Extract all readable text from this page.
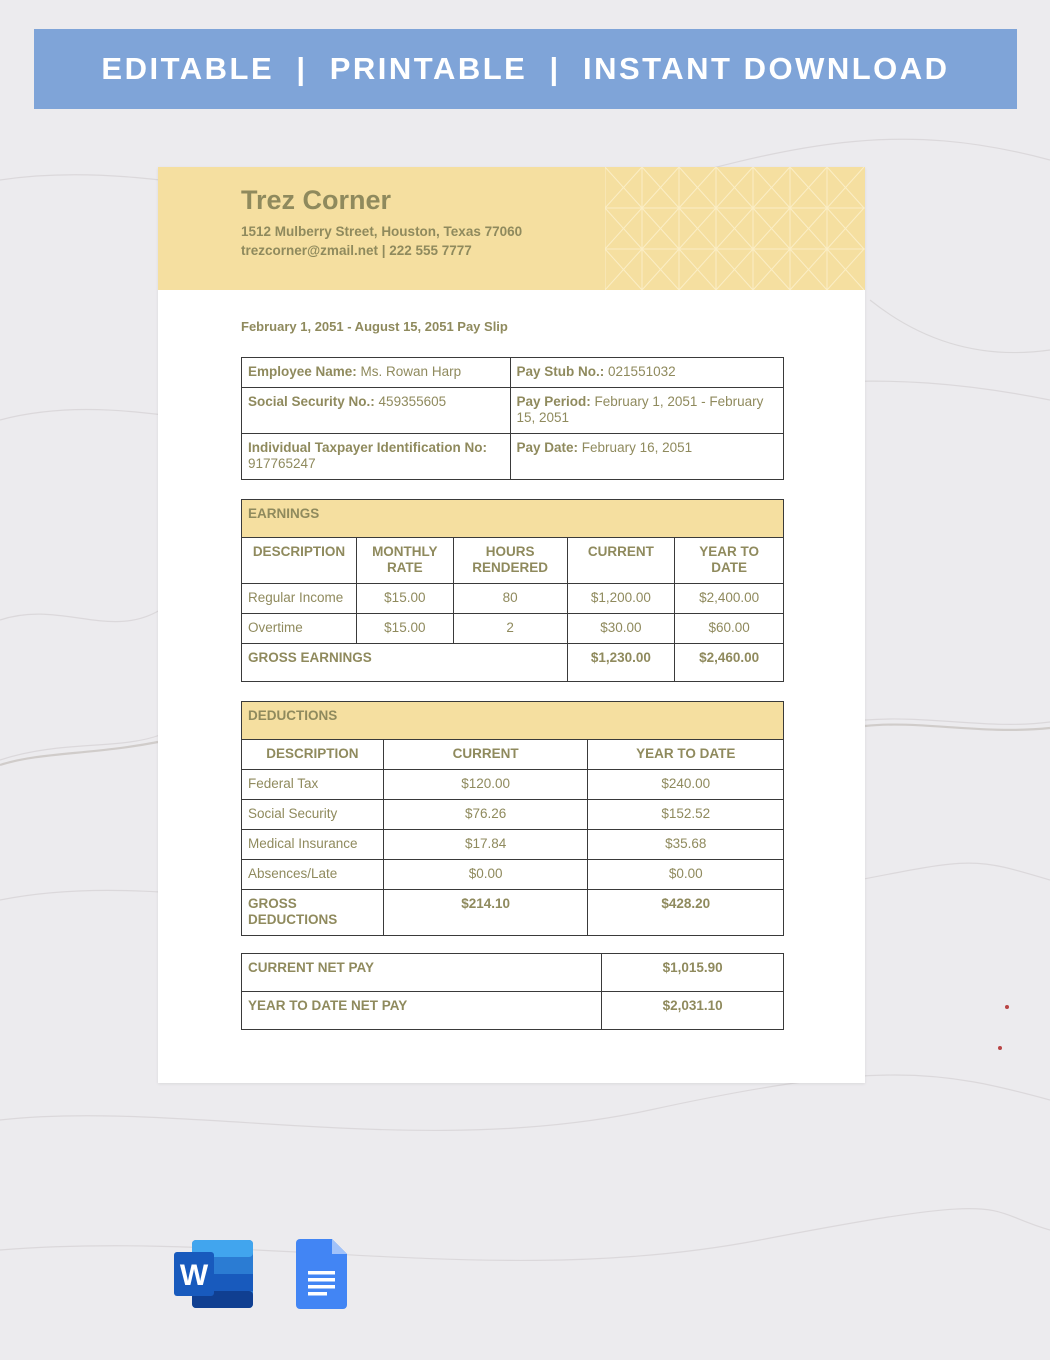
EDITABLE  |  PRINTABLE  |  INSTANT DOWNLOAD
Trez Corner
1512 Mulberry Street, Houston, Texas 77060
trezcorner@zmail.net | 222 555 7777
February 1, 2051 - August 15, 2051 Pay Slip
Employee Name: Ms. Rowan Harp	Pay Stub No.: 021551032
Social Security No.: 459355605	Pay Period: February 1, 2051 - February 15, 2051
Individual Taxpayer Identification No: 917765247	Pay Date: February 16, 2051
EARNINGS				
DESCRIPTION	MONTHLY RATE	HOURS RENDERED	CURRENT	YEAR TO DATE
Regular Income	$15.00	80	$1,200.00	$2,400.00
Overtime	$15.00	2	$30.00	$60.00
GROSS EARNINGS			$1,230.00	$2,460.00
DEDUCTIONS		
DESCRIPTION	CURRENT	YEAR TO DATE
Federal Tax	$120.00	$240.00
Social Security	$76.26	$152.52
Medical Insurance	$17.84	$35.68
Absences/Late	$0.00	$0.00
GROSS DEDUCTIONS	$214.10	$428.20
CURRENT NET PAY	$1,015.90
YEAR TO DATE NET PAY	$2,031.10
W
